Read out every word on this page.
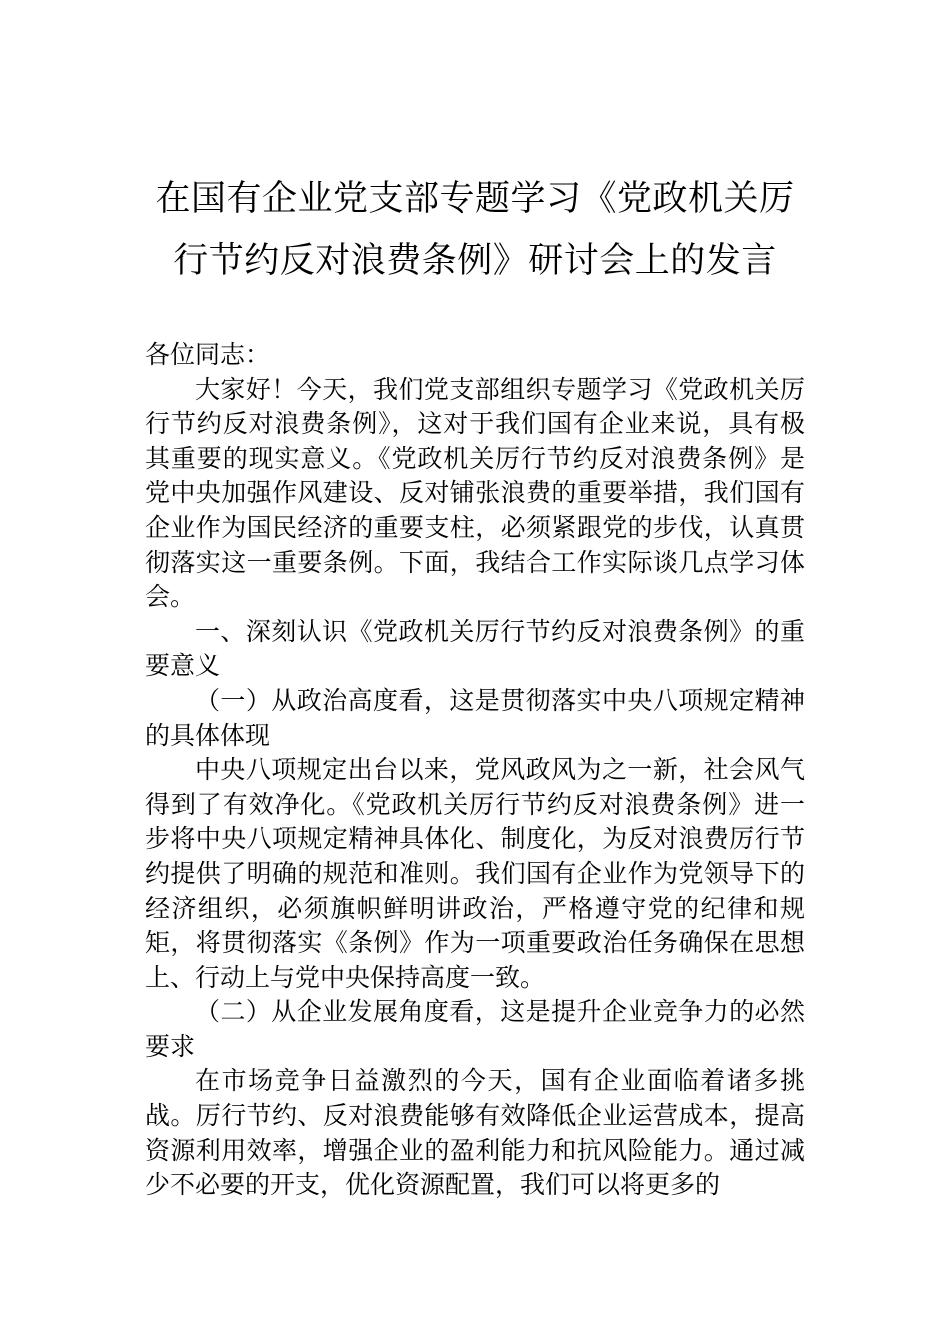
在国有企业党支部专题学习《党政机关厉
行节约反对浪费条例》研讨会上的发言

各位同志：

大家好！今天，我们党支部组织专题学习《党政机关厉行节约反对浪费条例》，这对于我们国有企业来说，具有极其重要的现实意义。《党政机关厉行节约反对浪费条例》是党中央加强作风建设、反对铺张浪费的重要举措，我们国有企业作为国民经济的重要支柱，必须紧跟党的步伐，认真贯彻落实这一重要条例。下面，我结合工作实际谈几点学习体会。

一、深刻认识《党政机关厉行节约反对浪费条例》的重要意义

（一）从政治高度看，这是贯彻落实中央八项规定精神的具体体现

中央八项规定出台以来，党风政风为之一新，社会风气得到了有效净化。《党政机关厉行节约反对浪费条例》进一步将中央八项规定精神具体化、制度化，为反对浪费厉行节约提供了明确的规范和准则。我们国有企业作为党领导下的经济组织，必须旗帜鲜明讲政治，严格遵守党的纪律和规矩，将贯彻落实《条例》作为一项重要政治任务确保在思想上、行动上与党中央保持高度一致。

（二）从企业发展角度看，这是提升企业竞争力的必然要求

在市场竞争日益激烈的今天，国有企业面临着诸多挑战。厉行节约、反对浪费能够有效降低企业运营成本，提高资源利用效率，增强企业的盈利能力和抗风险能力。通过减少不必要的开支，优化资源配置，我们可以将更多的
